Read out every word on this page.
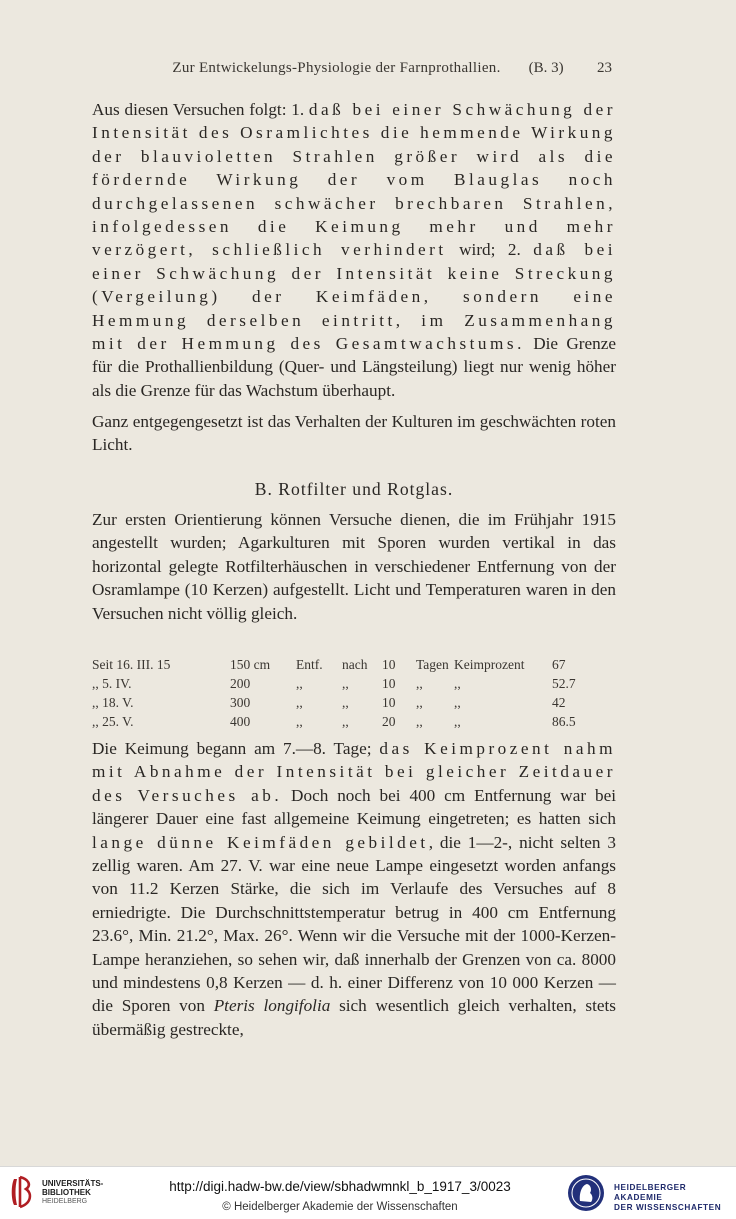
Zur Entwickelungs-Physiologie der Farnprothallien. (B. 3) 23

Aus diesen Versuchen folgt: 1. daß bei einer Schwächung der Intensität des Osramlichtes die hemmende Wirkung der blauvioletten Strahlen größer wird als die fördernde Wirkung der vom Blauglas noch durchgelassenen schwächer brechbaren Strahlen, infolgedessen die Keimung mehr und mehr verzögert, schließlich verhindert wird; 2. daß bei einer Schwächung der Intensität keine Streckung (Vergeilung) der Keimfäden, sondern eine Hemmung derselben eintritt, im Zusammenhang mit der Hemmung des Gesamtwachstums. Die Grenze für die Prothallienbildung (Quer- und Längsteilung) liegt nur wenig höher als die Grenze für das Wachstum überhaupt.

Ganz entgegengesetzt ist das Verhalten der Kulturen im geschwächten roten Licht.

B. Rotfilter und Rotglas.

Zur ersten Orientierung können Versuche dienen, die im Frühjahr 1915 angestellt wurden; Agarkulturen mit Sporen wurden vertikal in das horizontal gelegte Rotfilterhäuschen in verschiedener Entfernung von der Osramlampe (10 Kerzen) aufgestellt. Licht und Temperaturen waren in den Versuchen nicht völlig gleich.

Seit 16. III. 15	150 cm Entf. nach 10 Tagen Keimprozent 67
,, 5. IV.	200	,,	,, 10 ,, ,,	52.7
,, 18. V.	300	,,	,, 10 ,, ,,	42
,, 25. V.	400	,,	,, 20 ,, ,,	86.5

Die Keimung begann am 7.—8. Tage; das Keimprozent nahm mit Abnahme der Intensität bei gleicher Zeitdauer des Versuches ab. Doch noch bei 400 cm Entfernung war bei längerer Dauer eine fast allgemeine Keimung eingetreten; es hatten sich lange dünne Keimfäden gebildet, die 1—2-, nicht selten 3 zellig waren. Am 27. V. war eine neue Lampe eingesetzt worden anfangs von 11.2 Kerzen Stärke, die sich im Verlaufe des Versuches auf 8 erniedrigte. Die Durchschnittstemperatur betrug in 400 cm Entfernung 23.6°, Min. 21.2°, Max. 26°. Wenn wir die Versuche mit der 1000-Kerzen-Lampe heranziehen, so sehen wir, daß innerhalb der Grenzen von ca. 8000 und mindestens 0,8 Kerzen — d. h. einer Differenz von 10 000 Kerzen — die Sporen von Pteris longifolia sich wesentlich gleich verhalten, stets übermäßig gestreckte,

UNIVERSITÄTS-
BIBLIOTHEK
HEIDELBERG
http://digi.hadw-bw.de/view/sbhadwmnkl_b_1917_3/0023
© Heidelberger Akademie der Wissenschaften
HEIDELBERGER AKADEMIE
DER WISSENSCHAFTEN
